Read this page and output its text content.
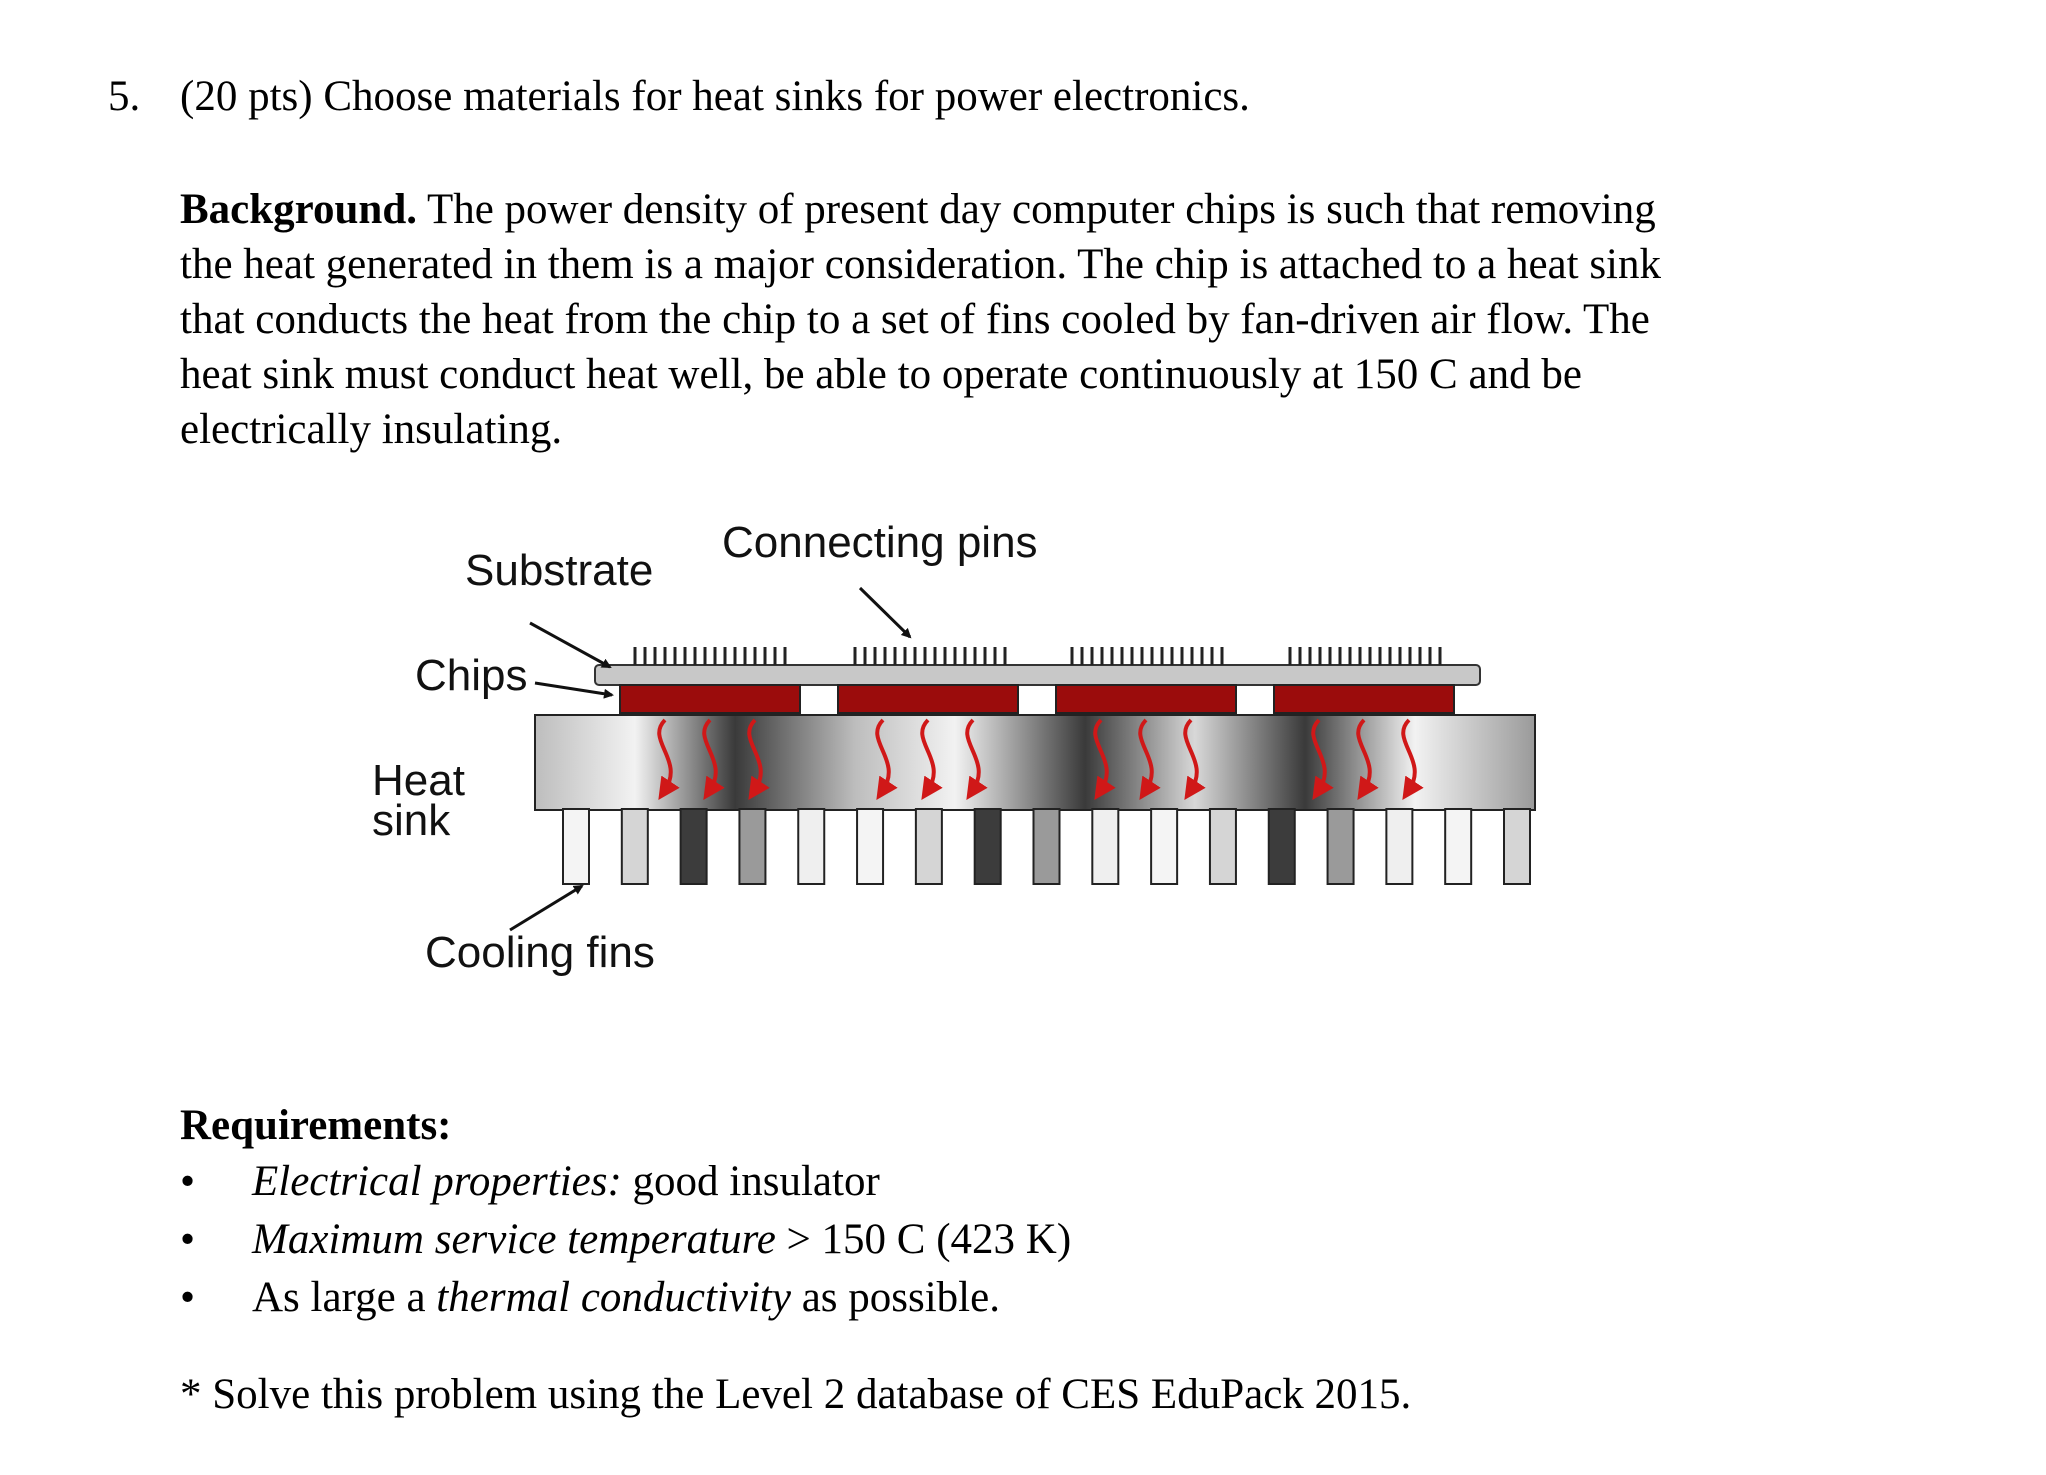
5. (20 pts) Choose materials for heat sinks for power electronics.
Background. The power density of present day computer chips is such that removing
the heat generated in them is a major consideration. The chip is attached to a heat sink
that conducts the heat from the chip to a set of fins cooled by fan-driven air flow. The
heat sink must conduct heat well, be able to operate continuously at 150 C and be
electrically insulating.
Substrate
Connecting pins
Chips
Heat
sink
Cooling fins
Requirements:
• Electrical properties: good insulator
• Maximum service temperature > 150 C (423 K)
• As large a thermal conductivity as possible.
* Solve this problem using the Level 2 database of CES EduPack 2015.
